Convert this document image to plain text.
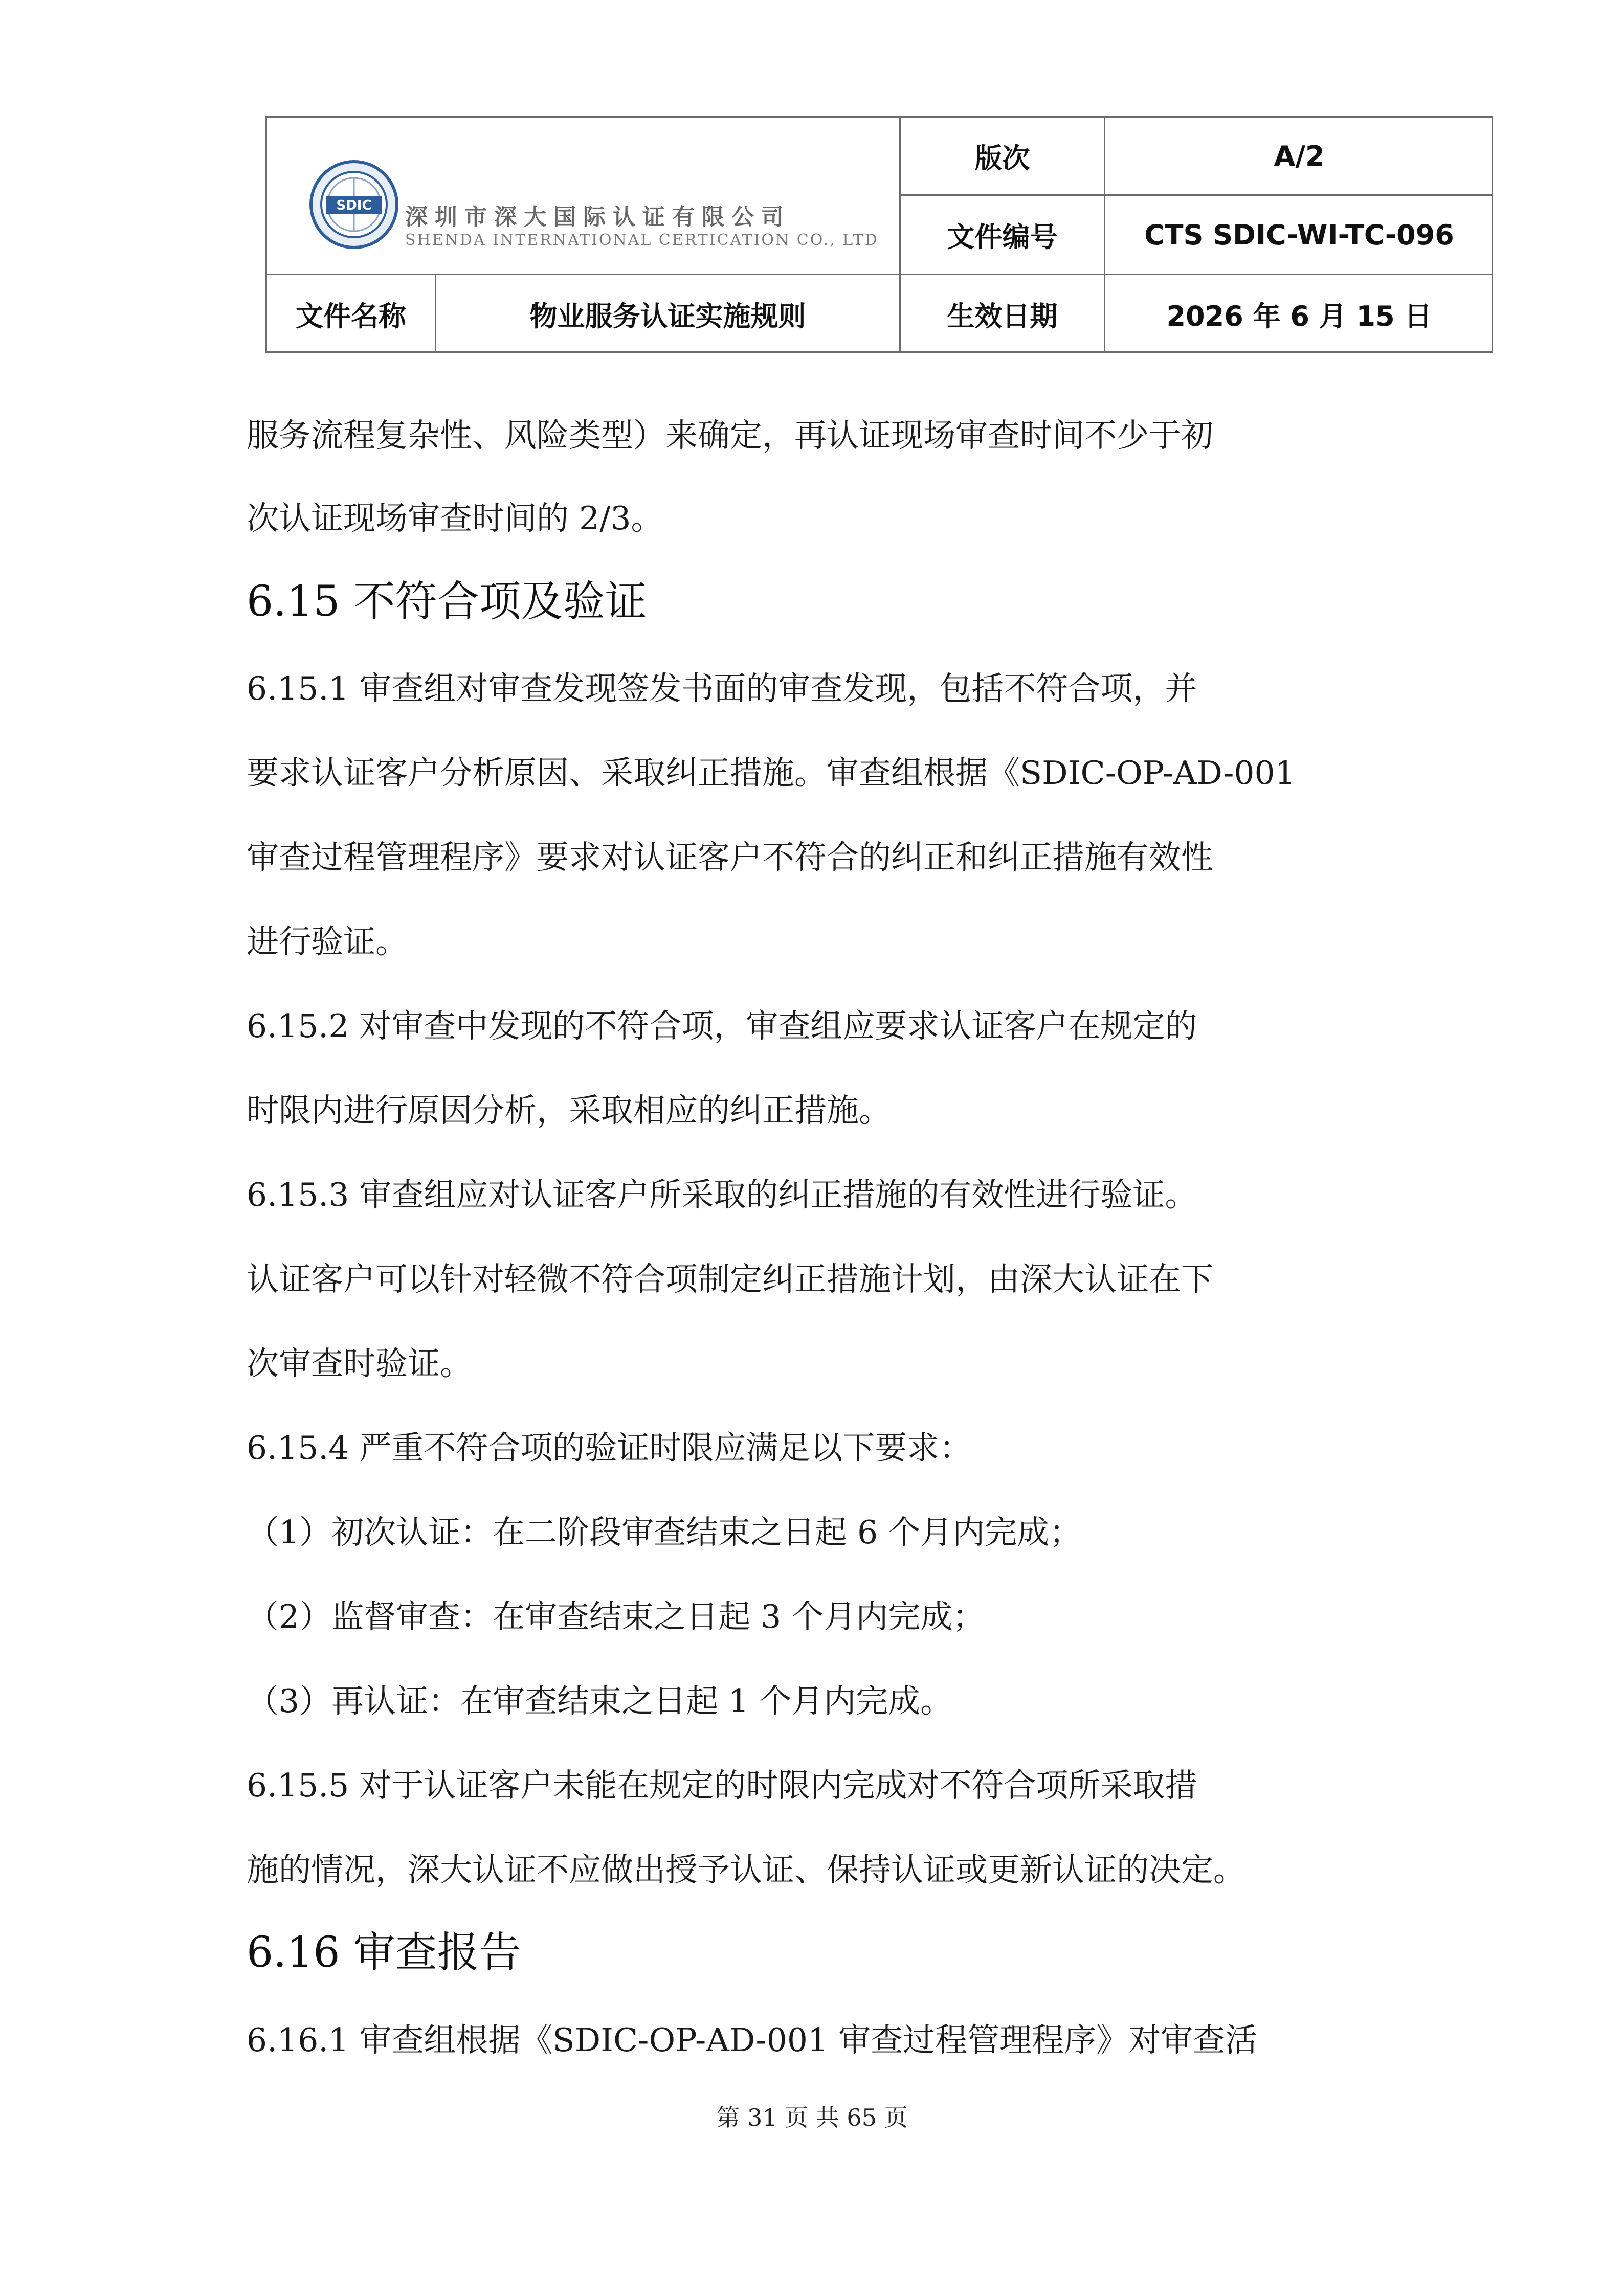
SDIC 深圳市深大国际认证有限公司
SHENDA INTERNATIONAL CERTICATION CO., LTD
版次	A/2
文件编号	CTS SDIC-WI-TC-096
文件名称	物业服务认证实施规则	生效日期	2026 年 6 月 15 日
服务流程复杂性、风险类型）来确定，再认证现场审查时间不少于初
次认证现场审查时间的 2/3。
6.15 不符合项及验证
6.15.1 审查组对审查发现签发书面的审查发现，包括不符合项，并
要求认证客户分析原因、采取纠正措施。审查组根据《SDIC-OP-AD-001
审查过程管理程序》要求对认证客户不符合的纠正和纠正措施有效性
进行验证。
6.15.2 对审查中发现的不符合项，审查组应要求认证客户在规定的
时限内进行原因分析，采取相应的纠正措施。
6.15.3 审查组应对认证客户所采取的纠正措施的有效性进行验证。
认证客户可以针对轻微不符合项制定纠正措施计划，由深大认证在下
次审查时验证。
6.15.4 严重不符合项的验证时限应满足以下要求：
（1）初次认证：在二阶段审查结束之日起 6 个月内完成；
（2）监督审查：在审查结束之日起 3 个月内完成；
（3）再认证：在审查结束之日起 1 个月内完成。
6.15.5 对于认证客户未能在规定的时限内完成对不符合项所采取措
施的情况，深大认证不应做出授予认证、保持认证或更新认证的决定。
6.16 审查报告
6.16.1 审查组根据《SDIC-OP-AD-001 审查过程管理程序》对审查活
第 31 页 共 65 页
